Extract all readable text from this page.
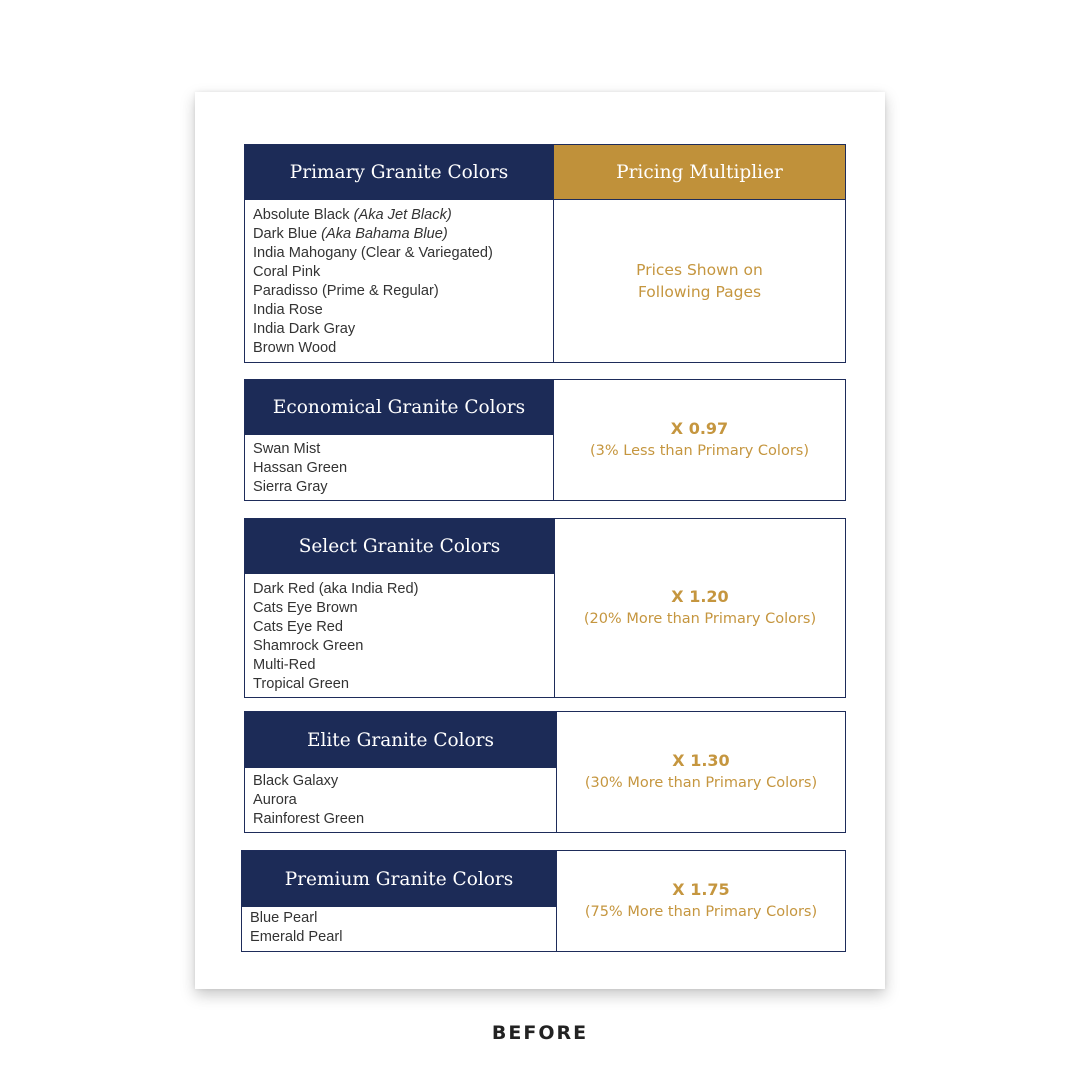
Primary Granite Colors
Absolute Black (Aka Jet Black)
Dark Blue (Aka Bahama Blue)
India Mahogany (Clear & Variegated)
Coral Pink
Paradisso (Prime & Regular)
India Rose
India Dark Gray
Brown Wood
Pricing Multiplier
Prices Shown on
Following Pages
Economical Granite Colors
Swan Mist
Hassan Green
Sierra Gray
X 0.97
(3% Less than Primary Colors)
Select Granite Colors
Dark Red (aka India Red)
Cats Eye Brown
Cats Eye Red
Shamrock Green
Multi-Red
Tropical Green
X 1.20
(20% More than Primary Colors)
Elite Granite Colors
Black Galaxy
Aurora
Rainforest Green
X 1.30
(30% More than Primary Colors)
Premium Granite Colors
Blue Pearl
Emerald Pearl
X 1.75
(75% More than Primary Colors)
BEFORE
